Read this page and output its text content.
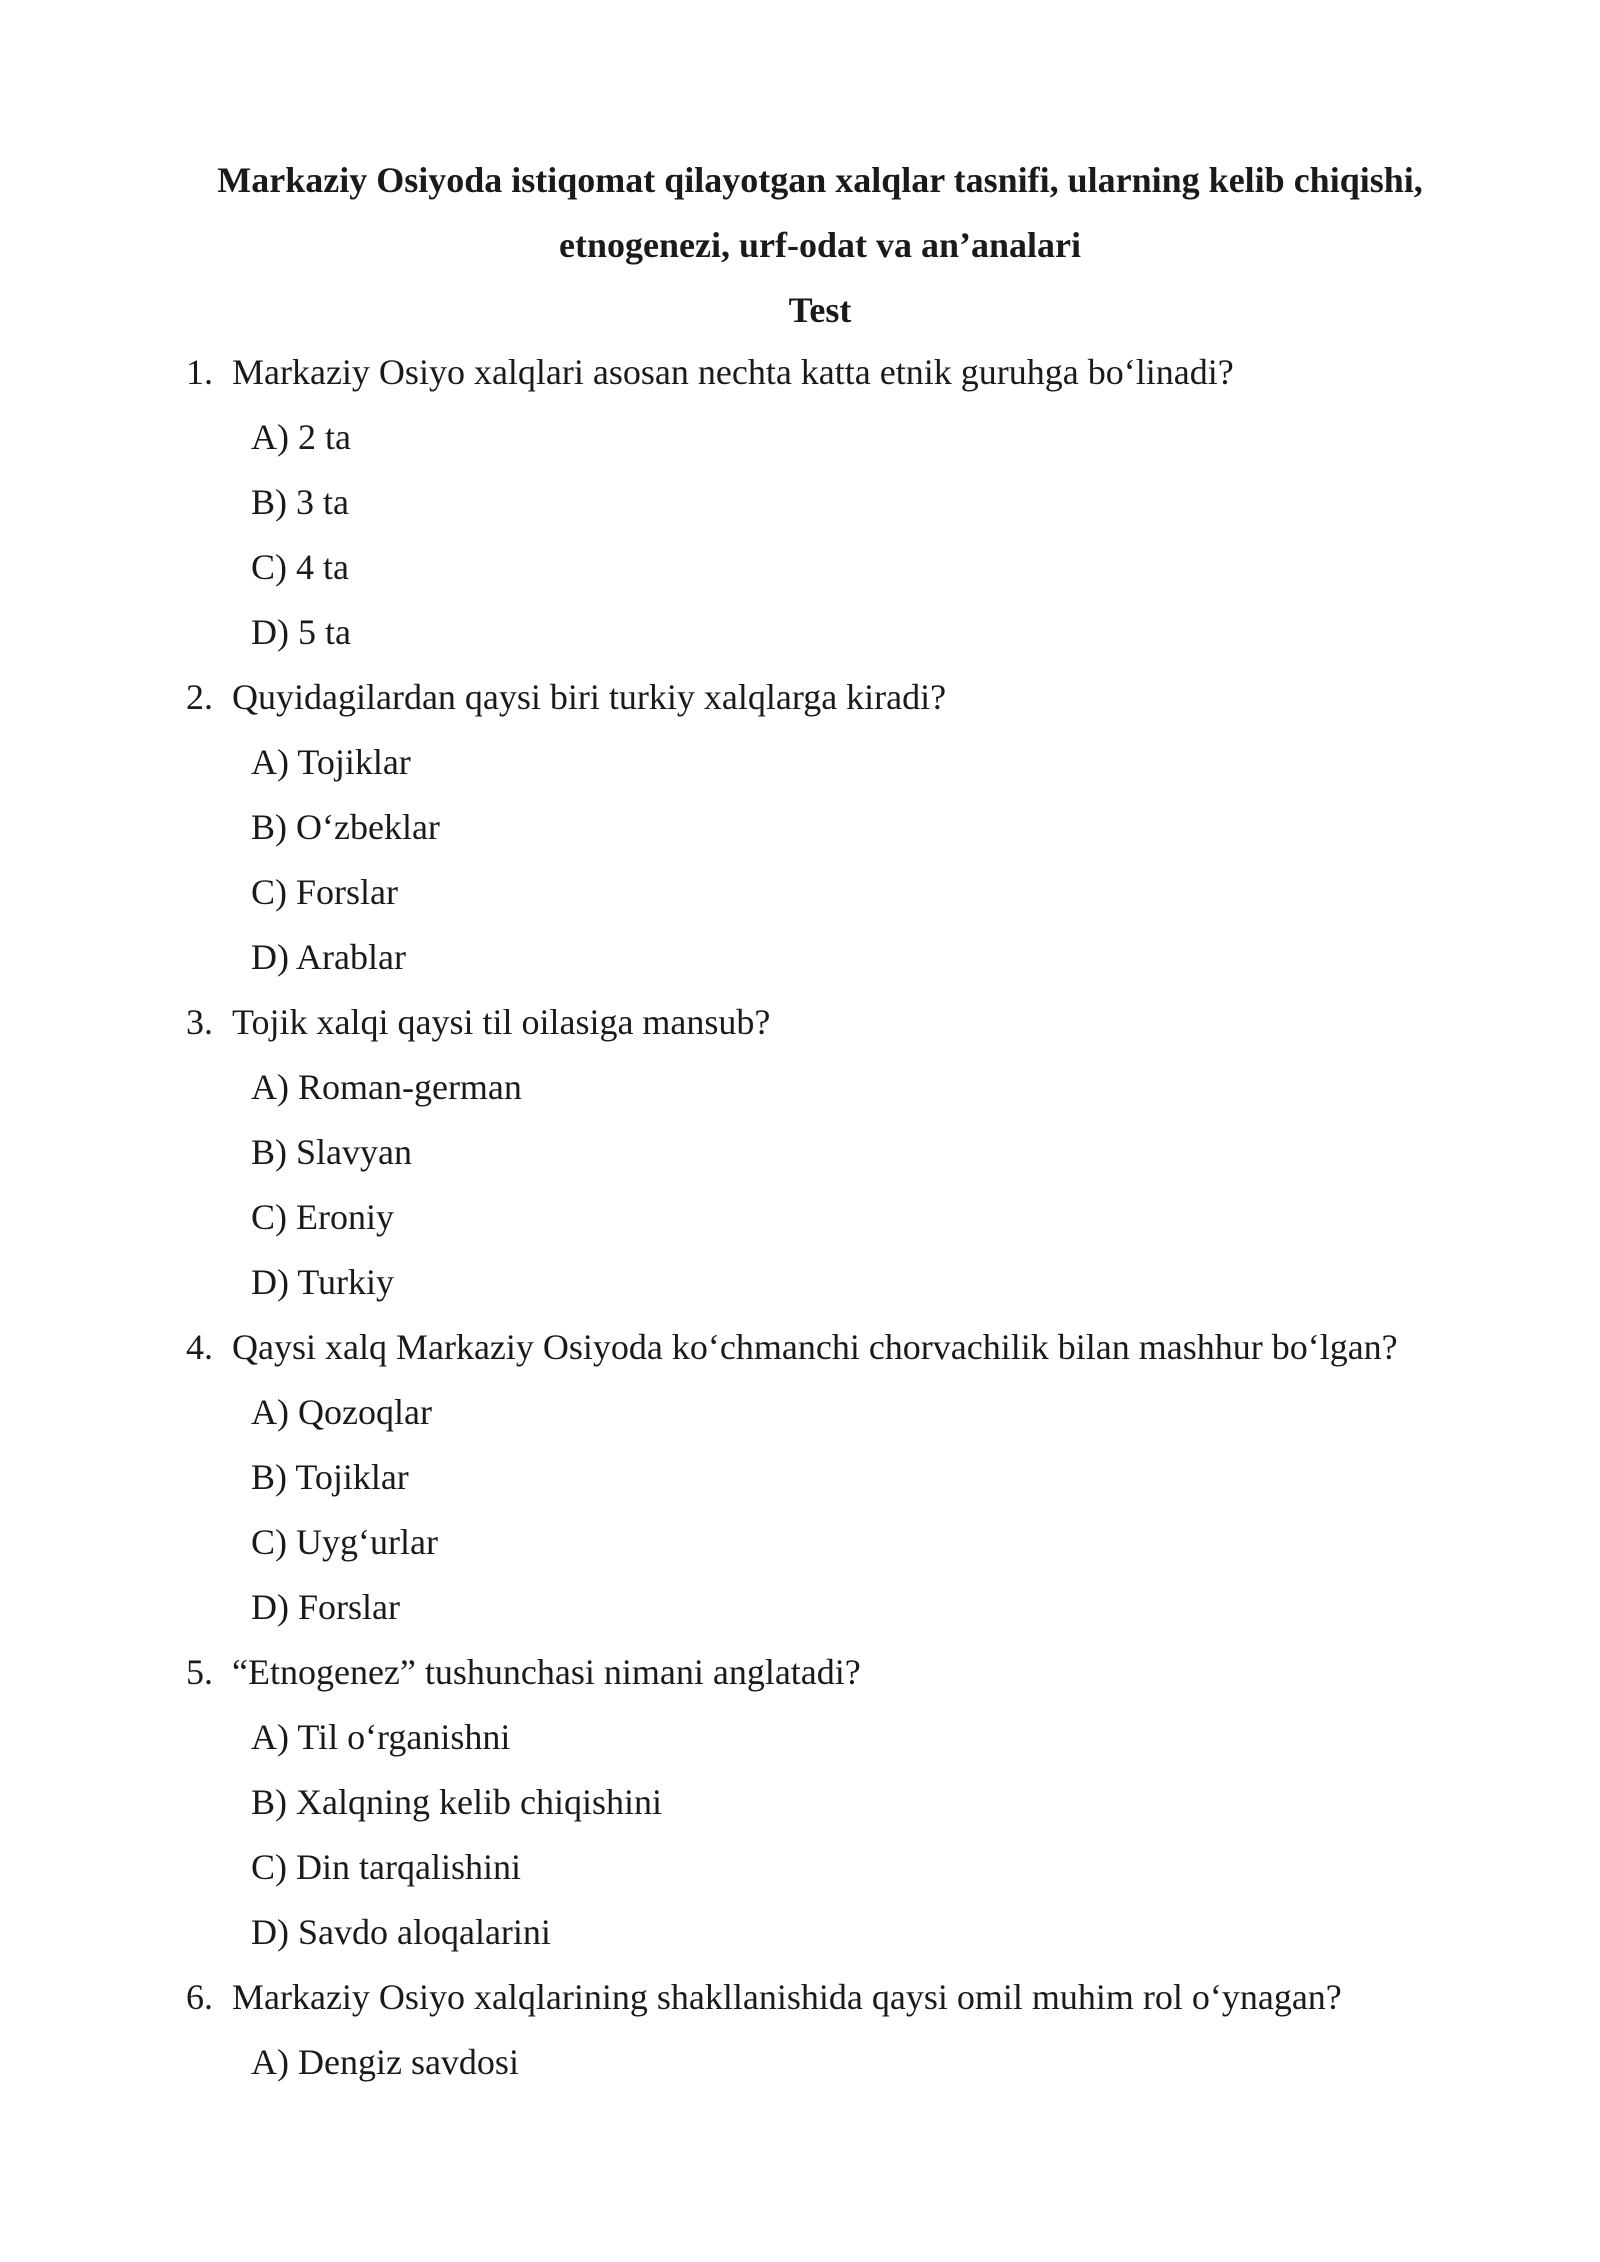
Markaziy Osiyoda istiqomat qilayotgan xalqlar tasnifi, ularning kelib chiqishi,
etnogenezi, urf-odat va an’analari
Test
1. Markaziy Osiyo xalqlari asosan nechta katta etnik guruhga bo‘linadi?
A) 2 ta
B) 3 ta
C) 4 ta
D) 5 ta
2. Quyidagilardan qaysi biri turkiy xalqlarga kiradi?
A) Tojiklar
B) O‘zbeklar
C) Forslar
D) Arablar
3. Tojik xalqi qaysi til oilasiga mansub?
A) Roman-german
B) Slavyan
C) Eroniy
D) Turkiy
4. Qaysi xalq Markaziy Osiyoda ko‘chmanchi chorvachilik bilan mashhur bo‘lgan?
A) Qozoqlar
B) Tojiklar
C) Uyg‘urlar
D) Forslar
5. “Etnogenez” tushunchasi nimani anglatadi?
A) Til o‘rganishni
B) Xalqning kelib chiqishini
C) Din tarqalishini
D) Savdo aloqalarini
6. Markaziy Osiyo xalqlarining shakllanishida qaysi omil muhim rol o‘ynagan?
A) Dengiz savdosi
